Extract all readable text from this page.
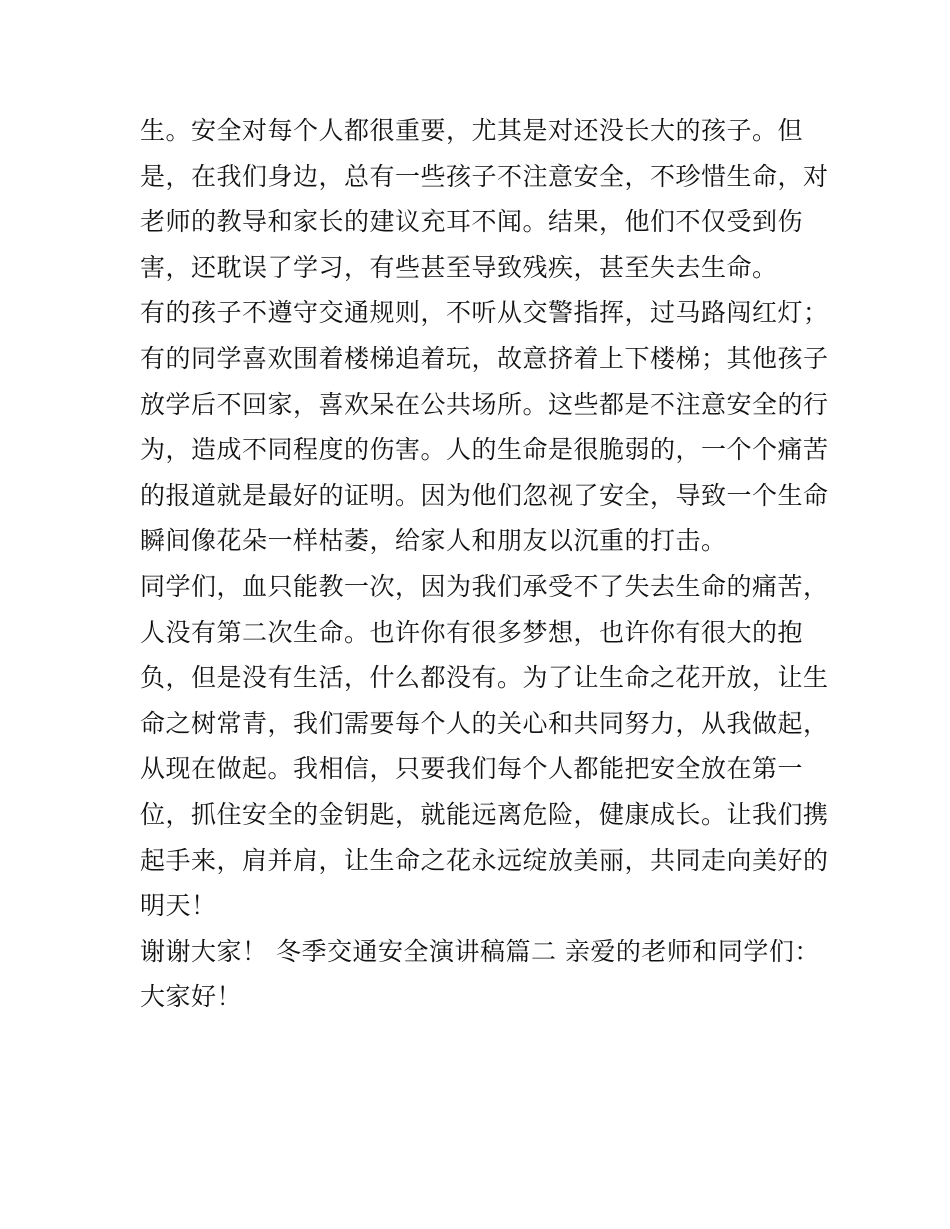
生。安全对每个人都很重要，尤其是对还没长大的孩子。但
是，在我们身边，总有一些孩子不注意安全，不珍惜生命，对
老师的教导和家长的建议充耳不闻。结果，他们不仅受到伤
害，还耽误了学习，有些甚至导致残疾，甚至失去生命。
有的孩子不遵守交通规则，不听从交警指挥，过马路闯红灯；
有的同学喜欢围着楼梯追着玩，故意挤着上下楼梯；其他孩子
放学后不回家，喜欢呆在公共场所。这些都是不注意安全的行
为，造成不同程度的伤害。人的生命是很脆弱的，一个个痛苦
的报道就是最好的证明。因为他们忽视了安全，导致一个生命
瞬间像花朵一样枯萎，给家人和朋友以沉重的打击。
同学们，血只能教一次，因为我们承受不了失去生命的痛苦，
人没有第二次生命。也许你有很多梦想，也许你有很大的抱
负，但是没有生活，什么都没有。为了让生命之花开放，让生
命之树常青，我们需要每个人的关心和共同努力，从我做起，
从现在做起。我相信，只要我们每个人都能把安全放在第一
位，抓住安全的金钥匙，就能远离危险，健康成长。让我们携
起手来，肩并肩，让生命之花永远绽放美丽，共同走向美好的
明天！
谢谢大家！ 冬季交通安全演讲稿篇二 亲爱的老师和同学们：
大家好！
